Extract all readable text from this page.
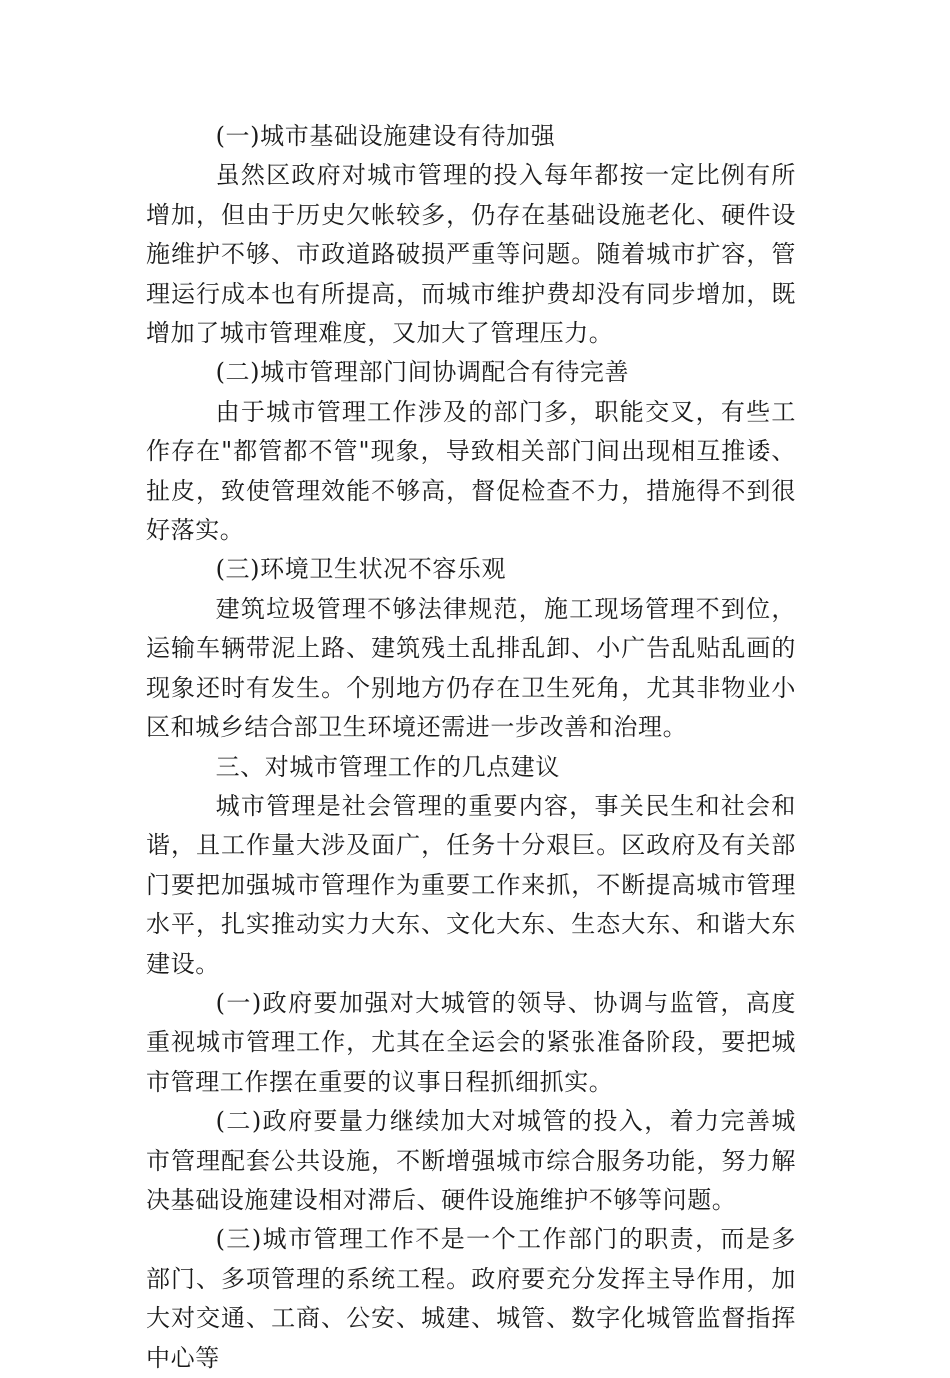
(一)城市基础设施建设有待加强

虽然区政府对城市管理的投入每年都按一定比例有所增加，但由于历史欠帐较多，仍存在基础设施老化、硬件设施维护不够、市政道路破损严重等问题。随着城市扩容，管理运行成本也有所提高，而城市维护费却没有同步增加，既增加了城市管理难度，又加大了管理压力。

(二)城市管理部门间协调配合有待完善

由于城市管理工作涉及的部门多，职能交叉，有些工作存在"都管都不管"现象，导致相关部门间出现相互推诿、扯皮，致使管理效能不够高，督促检查不力，措施得不到很好落实。

(三)环境卫生状况不容乐观

建筑垃圾管理不够法律规范，施工现场管理不到位，运输车辆带泥上路、建筑残土乱排乱卸、小广告乱贴乱画的现象还时有发生。个别地方仍存在卫生死角，尤其非物业小区和城乡结合部卫生环境还需进一步改善和治理。

三、对城市管理工作的几点建议

城市管理是社会管理的重要内容，事关民生和社会和谐，且工作量大涉及面广，任务十分艰巨。区政府及有关部门要把加强城市管理作为重要工作来抓，不断提高城市管理水平，扎实推动实力大东、文化大东、生态大东、和谐大东建设。

(一)政府要加强对大城管的领导、协调与监管，高度重视城市管理工作，尤其在全运会的紧张准备阶段，要把城市管理工作摆在重要的议事日程抓细抓实。

(二)政府要量力继续加大对城管的投入，着力完善城市管理配套公共设施，不断增强城市综合服务功能，努力解决基础设施建设相对滞后、硬件设施维护不够等问题。

(三)城市管理工作不是一个工作部门的职责，而是多部门、多项管理的系统工程。政府要充分发挥主导作用，加大对交通、工商、公安、城建、城管、数字化城管监督指挥中心等
